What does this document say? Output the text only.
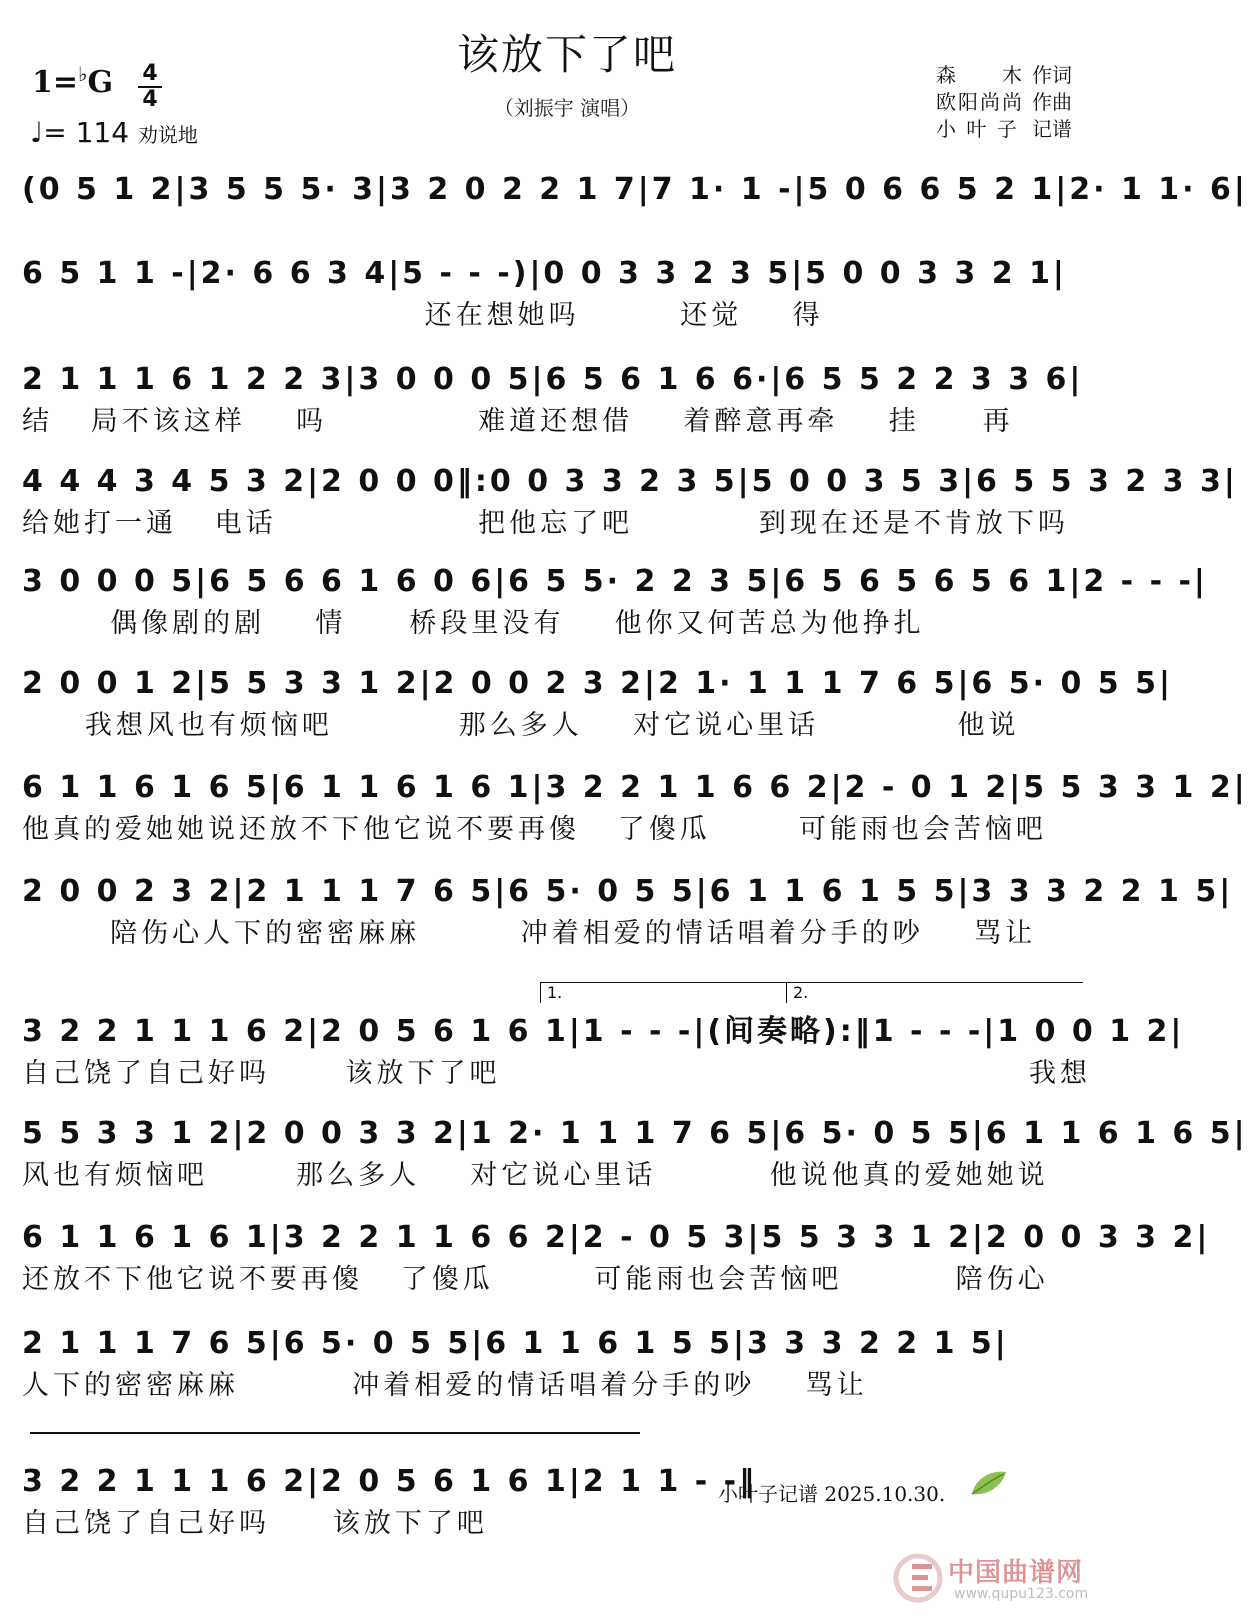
该放下了吧
（刘振宇 演唱）
1=♭G 4
4
♩= 114 劝说地
森　　木 作词
欧阳尚尚 作曲
小 叶 子 记谱
(0 5 1 2|3 5 5 5· 3|3 2 0 2 2 1 7|7 1· 1 -|5 0 6 6 5 2 1|2· 1 1· 6|
6 5 1 1 -|2· 6 6 3 4|5 - - -)|0 0 3 3 2 3 5|5 0 0 3 3 2 1|
还在想她吗        还觉    得
2 1 1 1 6 1 2 2 3|3 0 0 0 5|6 5 6 1 6 6·|6 5 5 2 2 3 3 6|
结   局不该这样    吗            难道还想借    着醉意再牵    挂     再
4 4 4 3 4 5 3 2|2 0 0 0‖:0 0 3 3 2 3 5|5 0 0 3 5 3|6 5 5 3 2 3 3|
给她打一通   电话                把他忘了吧          到现在还是不肯放下吗
3 0 0 0 5|6 5 6 6 1 6 0 6|6 5 5· 2 2 3 5|6 5 6 5 6 5 6 1|2 - - -|
偶像剧的剧    情     桥段里没有    他你又何苦总为他挣扎
2 0 0 1 2|5 5 3 3 1 2|2 0 0 2 3 2|2 1· 1 1 1 7 6 5|6 5· 0 5 5|
我想风也有烦恼吧          那么多人    对它说心里话           他说
6 1 1 6 1 6 5|6 1 1 6 1 6 1|3 2 2 1 1 6 6 2|2 - 0 1 2|5 5 3 3 1 2|
他真的爱她她说还放不下他它说不要再傻   了傻瓜       可能雨也会苦恼吧
2 0 0 2 3 2|2 1 1 1 7 6 5|6 5· 0 5 5|6 1 1 6 1 5 5|3 3 3 2 2 1 5|
陪伤心人下的密密麻麻        冲着相爱的情话唱着分手的吵    骂让
1.	2.
3 2 2 1 1 1 6 2|2 0 5 6 1 6 1|1 - - -|(间奏略):‖1 - - -|1 0 0 1 2|
自己饶了自己好吗      该放下了吧                                          我想
5 5 3 3 1 2|2 0 0 3 3 2|1 2· 1 1 1 7 6 5|6 5· 0 5 5|6 1 1 6 1 6 5|
风也有烦恼吧       那么多人    对它说心里话         他说他真的爱她她说
6 1 1 6 1 6 1|3 2 2 1 1 6 6 2|2 - 0 5 3|5 5 3 3 1 2|2 0 0 3 3 2|
还放不下他它说不要再傻   了傻瓜        可能雨也会苦恼吧         陪伤心
2 1 1 1 7 6 5|6 5· 0 5 5|6 1 1 6 1 5 5|3 3 3 2 2 1 5|
人下的密密麻麻         冲着相爱的情话唱着分手的吵    骂让
3 2 2 1 1 1 6 2|2 0 5 6 1 6 1|2 1 1 - -‖
自己饶了自己好吗     该放下了吧
小叶子记谱 2025.10.30.
中国曲谱网
www.qupu123.com
